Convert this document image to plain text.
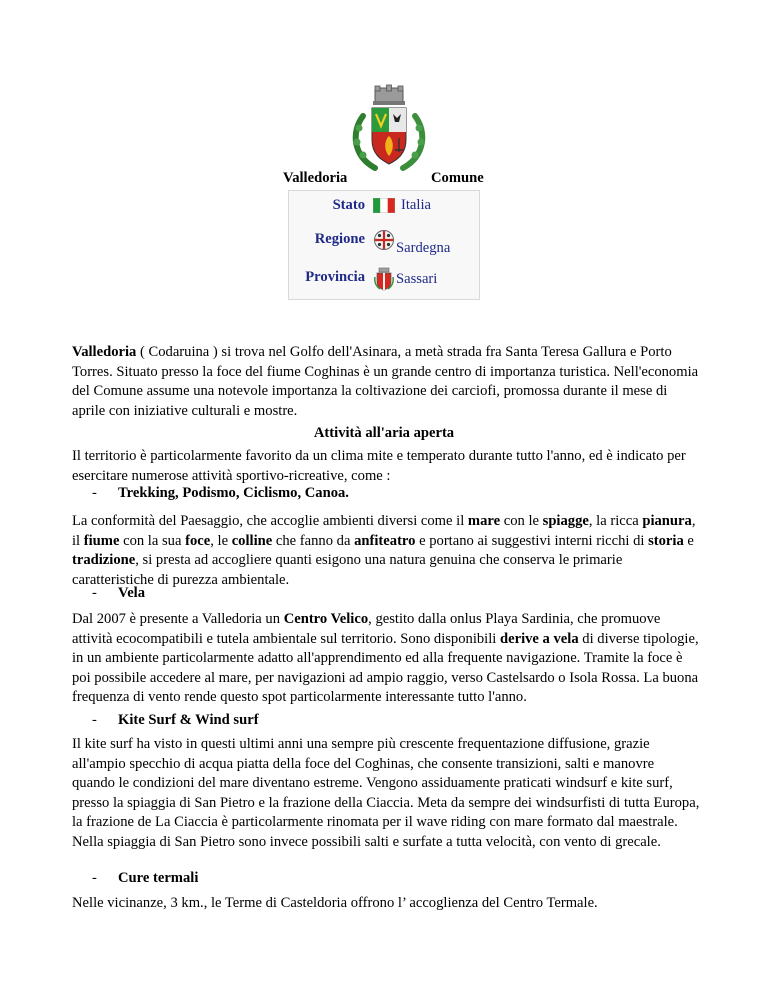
Valledoria	Comune
Stato Italia
Regione
Sardegna
Provincia Sassari

Valledoria ( Codaruina ) si trova nel Golfo dell'Asinara, a metà strada fra Santa Teresa Gallura e Porto Torres. Situato presso la foce del fiume Coghinas è un grande centro di importanza turistica. Nell'economia del Comune assume una notevole importanza la coltivazione dei carciofi, promossa durante il mese di aprile con iniziative culturali e mostre.

Attività all'aria aperta

Il territorio è particolarmente favorito da un clima mite e temperato durante tutto l'anno, ed è indicato per esercitare numerose attività sportivo-ricreative, come :

- Trekking, Podismo, Ciclismo, Canoa.

La conformità del Paesaggio, che accoglie ambienti diversi come il mare con le spiagge, la ricca pianura, il fiume con la sua foce, le colline che fanno da anfiteatro e portano ai suggestivi interni ricchi di storia e tradizione, si presta ad accogliere quanti esigono una natura genuina che conserva le primarie caratteristiche di purezza ambientale.

- Vela

Dal 2007 è presente a Valledoria un Centro Velico, gestito dalla onlus Playa Sardinia, che promuove attività ecocompatibili e tutela ambientale sul territorio. Sono disponibili derive a vela di diverse tipologie, in un ambiente particolarmente adatto all'apprendimento ed alla frequente navigazione. Tramite la foce è poi possibile accedere al mare, per navigazioni ad ampio raggio, verso Castelsardo o Isola Rossa. La buona frequenza di vento rende questo spot particolarmente interessante tutto l'anno.

- Kite Surf & Wind surf

Il kite surf ha visto in questi ultimi anni una sempre più crescente frequentazione diffusione, grazie all'ampio specchio di acqua piatta della foce del Coghinas, che consente transizioni, salti e manovre quando le condizioni del mare diventano estreme. Vengono assiduamente praticati windsurf e kite surf, presso la spiaggia di San Pietro e la frazione della Ciaccia. Meta da sempre dei windsurfisti di tutta Europa, la frazione de La Ciaccia è particolarmente rinomata per il wave riding con mare formato dal maestrale. Nella spiaggia di San Pietro sono invece possibili salti e surfate a tutta velocità, con vento di grecale.

- Cure termali

Nelle vicinanze, 3 km., le Terme di Casteldoria offrono l’ accoglienza del Centro Termale.
